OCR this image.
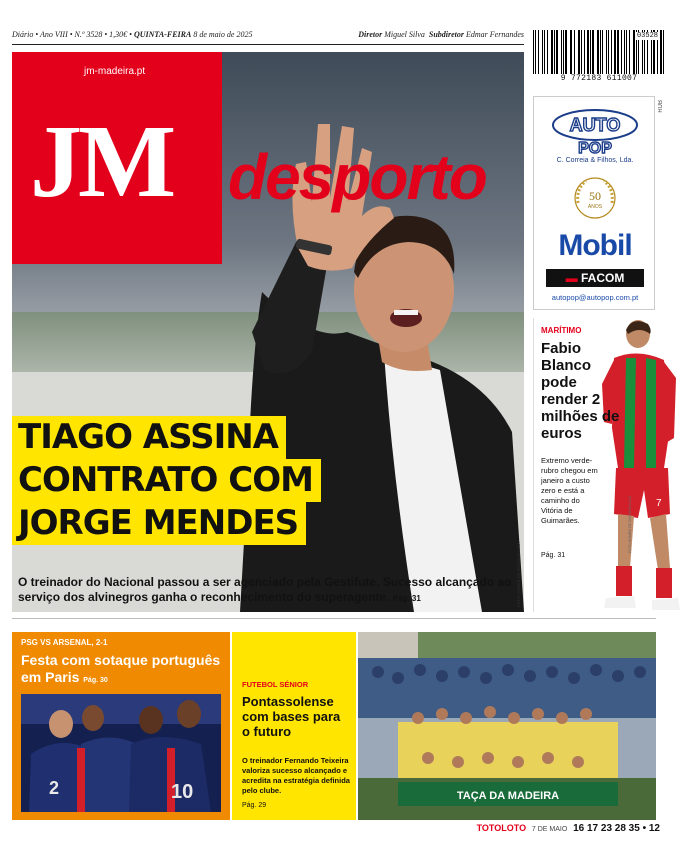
Diário • Ano VIII • N.º 3528 • 1,30€ • QUINTA-FEIRA 8 de maio de 2025	Diretor Miguel Silva Subdiretor Edmar Fernandes	03528
9 772183 611007
jm-madeira.pt
JM desporto
TIAGO ASSINA
CONTRATO COM
JORGE MENDES
FOTO HOMEM DE GOUVEIA/LUSA
O treinador do Nacional passou a ser agenciado pela Gestifute. Sucesso alcançado ao serviço dos alvinegros ganha o reconhecimento do superagente. Pág. 31
AUTO
POP
C. Correia & Filhos, Lda.
50
ANOS
Mobil
▬ FACOM
autopop@autopop.com.pt
RUB
7
MARÍTIMO
Fabio Blanco pode render 2 milhões de euros
Extremo verde-rubro chegou em janeiro a custo zero e está a caminho do Vitória de Guimarães.
Pág. 31
FOTO HOMEM DE GOUVEIA/LUSA
PSG VS ARSENAL, 2-1
Festa com sotaque português em Paris Pág. 30
2	10
FUTEBOL SÉNIOR
Pontassolense com bases para o futuro
O treinador Fernando Teixeira valoriza sucesso alcançado e acredita na estratégia definida pelo clube.
Pág. 29
TAÇA DA MADEIRA
TOTOLOTO 7 DE MAIO 16 17 23 28 35 • 12
